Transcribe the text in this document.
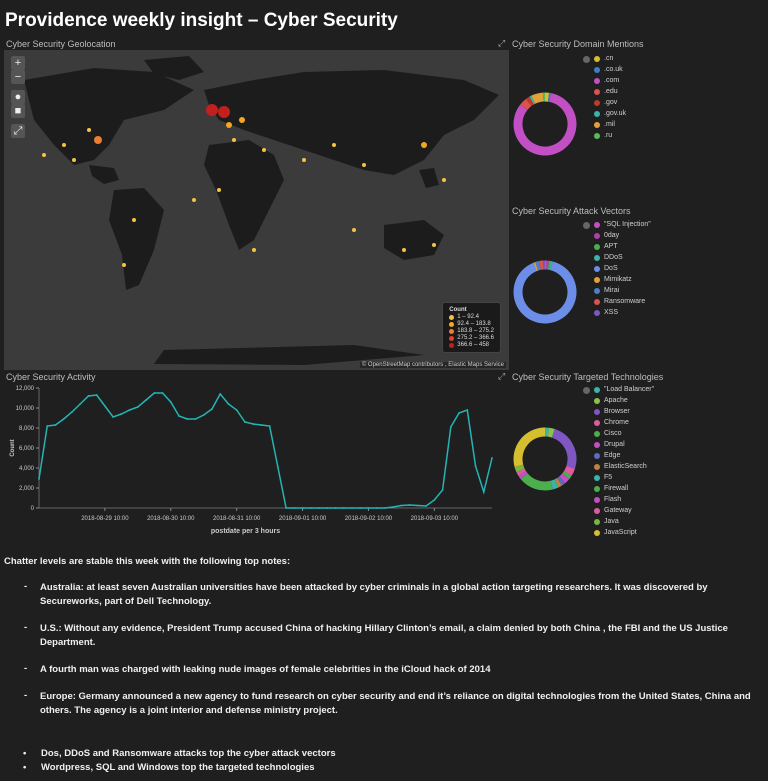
Providence weekly insight – Cyber Security
Cyber Security Geolocation
+
−
●
■
⤢
Count
1 – 92.4
92.4 – 183.8
183.8 – 275.2
275.2 – 366.6
366.6 – 458
© OpenStreetMap contributors , Elastic Maps Service
⤢ Cyber Security Domain Mentions
.cn
.co.uk
.com
.edu
.gov
.gov.uk
.mil
.ru
Cyber Security Attack Vectors
"SQL Injection"
0day
APT
DDoS
DoS
Mimikatz
Mirai
Ransomware
XSS
⤢ Cyber Security Targeted Technologies
"Load Balancer"
Apache
Browser
Chrome
Cisco
Drupal
Edge
ElasticSearch
F5
Firewall
Flash
Gateway
Java
JavaScript
Cyber Security Activity
0
2,000
4,000
6,000
8,000
10,000
12,000
2018-08-29 10:00	2018-08-30 10:00	2018-08-31 10:00	2018-09-01 10:00	2018-09-02 10:00	2018-09-03 10:00
Count
postdate per 3 hours
Chatter levels are stable this week with the following top notes:
-	Australia: at least seven Australian universities have been attacked by cyber criminals in a global action targeting researchers. It was discovered by Secureworks, part of Dell Technology.
-	U.S.: Without any evidence, President Trump accused China of hacking Hillary Clinton’s email, a claim denied by both China , the FBI and the US Justice Department.
-	A fourth man was charged with leaking nude images of female celebrities in the iCloud hack of 2014
-	Europe: Germany announced a new agency to fund research on cyber security and end it’s reliance on digital technologies from the United States, China and others. The agency is a joint interior and defense ministry project.
•	Dos, DDoS and Ransomware attacks top the cyber attack vectors
•	Wordpress, SQL and Windows top the targeted technologies
